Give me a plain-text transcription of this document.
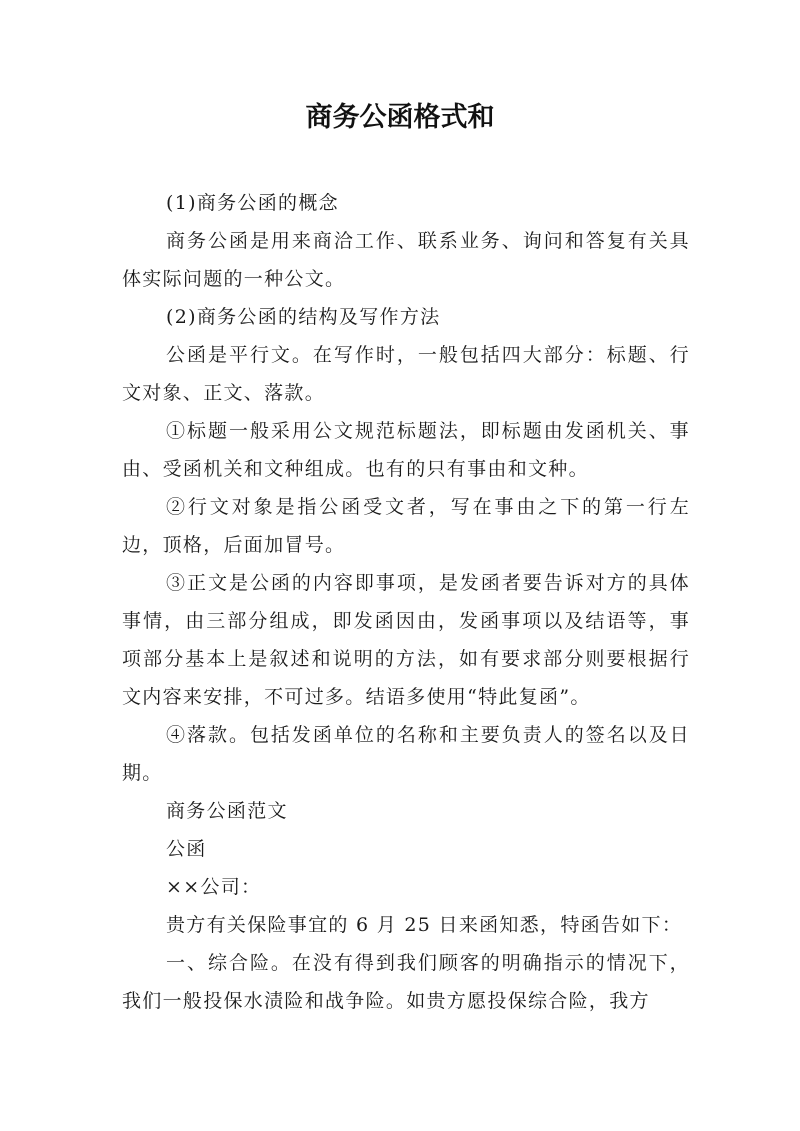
商务公函格式和

(1)商务公函的概念

商务公函是用来商洽工作、联系业务、询问和答复有关具体实际问题的一种公文。

(2)商务公函的结构及写作方法

公函是平行文。在写作时，一般包括四大部分：标题、行文对象、正文、落款。

①标题一般采用公文规范标题法，即标题由发函机关、事由、受函机关和文种组成。也有的只有事由和文种。

②行文对象是指公函受文者，写在事由之下的第一行左边，顶格，后面加冒号。

③正文是公函的内容即事项，是发函者要告诉对方的具体事情，由三部分组成，即发函因由，发函事项以及结语等，事项部分基本上是叙述和说明的方法，如有要求部分则要根据行文内容来安排，不可过多。结语多使用“特此复函”。

④落款。包括发函单位的名称和主要负责人的签名以及日期。

商务公函范文

公函

××公司：

贵方有关保险事宜的 6 月 25 日来函知悉，特函告如下：

一、综合险。在没有得到我们顾客的明确指示的情况下，我们一般投保水渍险和战争险。如贵方愿投保综合险，我方
